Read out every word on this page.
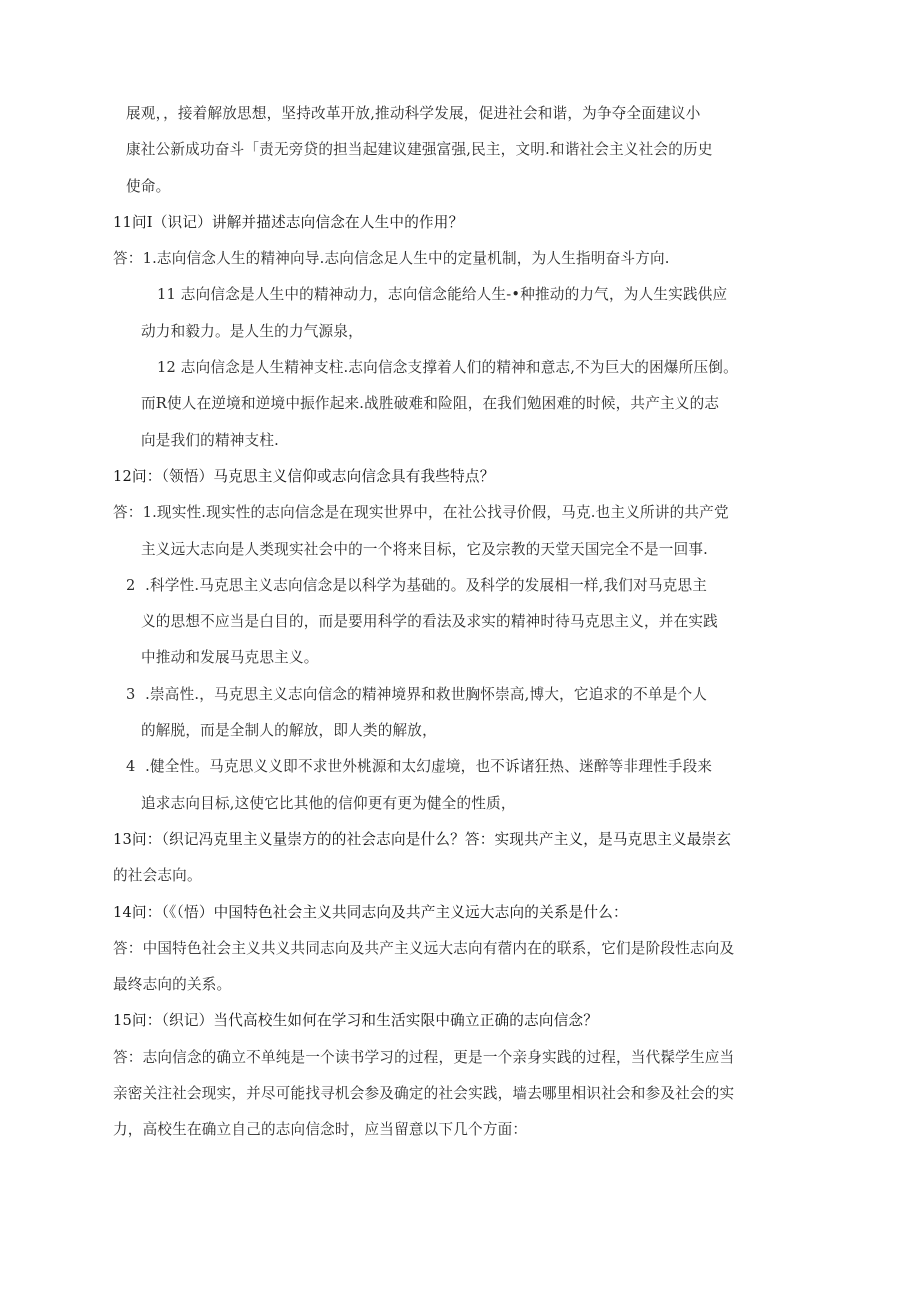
展观，，接着解放思想，坚持改革开放,推动科学发展，促进社会和谐，为争夺全面建议小
康社公新成功奋斗「责无旁贷的担当起建议建强富强,民主，文明.和谐社会主义社会的历史
使命。
11问I（识记）讲解并描述志向信念在人生中的作用？
答：1.志向信念人生的精神向导.志向信念足人生中的定量机制，为人生指明奋斗方向.
11 志向信念是人生中的精神动力，志向信念能给人生-•种推动的力气，为人生实践供应
动力和毅力。是人生的力气源泉，
12 志向信念是人生精神支柱.志向信念支撑着人们的精神和意志,不为巨大的困爆所压倒。
而R使人在逆境和逆境中振作起来.战胜破难和险阻，在我们勉困难的时候，共产主义的志
向是我们的精神支柱.
12问：（领悟）马克思主义信仰或志向信念具有我些特点？
答：1.现实性.现实性的志向信念是在现实世界中，在社公找寻价假，马克.也主义所讲的共产党
主义远大志向是人类现实社会中的一个将来目标，它及宗教的天堂天国完全不是一回事.
2  .科学性.马克思主义志向信念是以科学为基础的。及科学的发展相一样,我们对马克思主
义的思想不应当是白目的，而是要用科学的看法及求实的精神时待马克思主义，并在实践
中推动和发展马克思主义。
3  .崇高性.，马克思主义志向信念的精神境界和救世胸怀崇高,博大，它追求的不单是个人
的解脱，而是全制人的解放，即人类的解放，
4  .健全性。马克思义义即不求世外桃源和太幻虚境，也不诉诸狂热、迷醉等非理性手段来
追求志向目标,这使它比其他的信仰更有更为健全的性质，
13问：（织记冯克里主义量崇方的的社会志向是什么？答：实现共产主义，是马克思主义最崇玄
的社会志向。
14问：（《（悟）中国特色社会主义共同志向及共产主义远大志向的关系是什么：
答：中国特色社会主义共义共同志向及共产主义远大志向有蓿内在的联系，它们是阶段性志向及
最终志向的关系。
15问：（织记）当代高校生如何在学习和生活实限中确立正确的志向信念？
答：志向信念的确立不单纯是一个读书学习的过程，更是一个亲身实践的过程，当代髹学生应当
亲密关注社会现实，并尽可能找寻机会参及确定的社会实践，墙去哪里相识社会和参及社会的实
力，高校生在确立自己的志向信念时，应当留意以下几个方面：
